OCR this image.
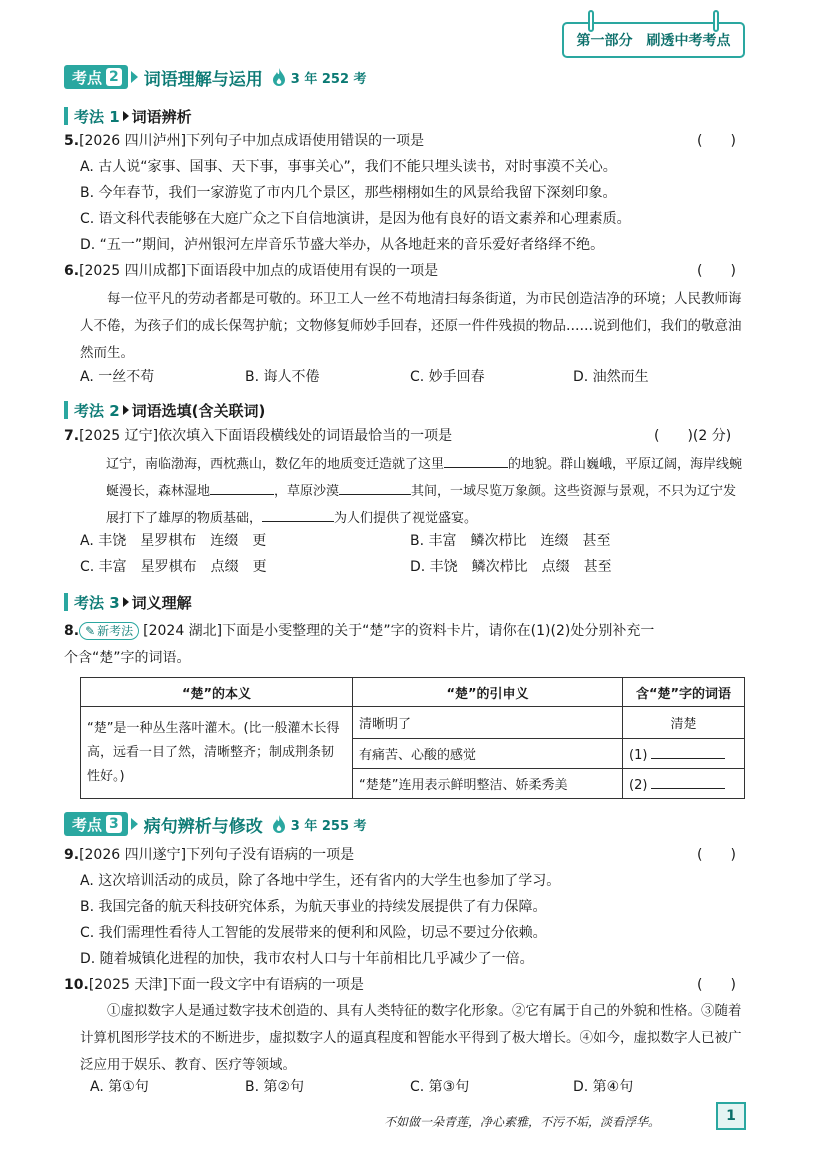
第一部分 刷透中考考点
考点 2 词语理解与运用 3 年 252 考
考法 1 词语辨析
5.[2026 四川泸州]下列句子中加点成语使用错误的一项是	(　　)
A. 古人说“家事、国事、天下事，事事关心”，我们不能只埋头读书，对时事漠不关心。
B. 今年春节，我们一家游览了市内几个景区，那些栩栩如生的风景给我留下深刻印象。
C. 语文科代表能够在大庭广众之下自信地演讲，是因为他有良好的语文素养和心理素质。
D. “五一”期间，泸州银河左岸音乐节盛大举办，从各地赶来的音乐爱好者络绎不绝。
6.[2025 四川成都]下面语段中加点的成语使用有误的一项是	(　　)
每一位平凡的劳动者都是可敬的。环卫工人一丝不苟地清扫每条街道，为市民创造洁净的环境；人民教师诲人不倦，为孩子们的成长保驾护航；文物修复师妙手回春，还原一件件残损的物品……说到他们，我们的敬意油然而生。
A. 一丝不苟	B. 诲人不倦	C. 妙手回春	D. 油然而生
考法 2 词语选填(含关联词)
7.[2025 辽宁]依次填入下面语段横线处的词语最恰当的一项是	(　　)(2 分)
辽宁，南临渤海，西枕燕山，数亿年的地质变迁造就了这里	的地貌。群山巍峨，平原辽阔，海岸线蜿蜒漫长，森林湿地	，草原沙漠	其间，一域尽览万象颜。这些资源与景观，不只为辽宁发展打下了雄厚的物质基础，	为人们提供了视觉盛宴。
A. 丰饶　星罗棋布　连缀　更	B. 丰富　鳞次栉比　连缀　甚至
C. 丰富　星罗棋布　点缀　更	D. 丰饶　鳞次栉比　点缀　甚至
考法 3 词义理解
8. ✎ 新考法 [2024 湖北] 下面是小雯整理的关于“楚”字的资料卡片，请你在(1)(2)处分别补充一
个含“楚”字的词语。
“楚”的本义	“楚”的引申义	含“楚”字的词语
“楚”是一种丛生落叶灌木。(比一般灌木长得高，远看一目了然，清晰整齐；制成荆条韧性好。)	清晰明了	清楚
	有痛苦、心酸的感觉	(1)
	“楚楚”连用表示鲜明整洁、娇柔秀美	(2)
考点 3 病句辨析与修改 3 年 255 考
9.[2026 四川遂宁]下列句子没有语病的一项是	(　　)
A. 这次培训活动的成员，除了各地中学生，还有省内的大学生也参加了学习。
B. 我国完备的航天科技研究体系，为航天事业的持续发展提供了有力保障。
C. 我们需理性看待人工智能的发展带来的便利和风险，切忌不要过分依赖。
D. 随着城镇化进程的加快，我市农村人口与十年前相比几乎减少了一倍。
10.[2025 天津]下面一段文字中有语病的一项是	(　　)
①虚拟数字人是通过数字技术创造的、具有人类特征的数字化形象。②它有属于自己的外貌和性格。③随着计算机图形学技术的不断进步，虚拟数字人的逼真程度和智能水平得到了极大增长。④如今，虚拟数字人已被广泛应用于娱乐、教育、医疗等领域。
A. 第①句	B. 第②句	C. 第③句	D. 第④句
不如做一朵青莲，净心素雅，不污不垢，淡看浮华。	1
